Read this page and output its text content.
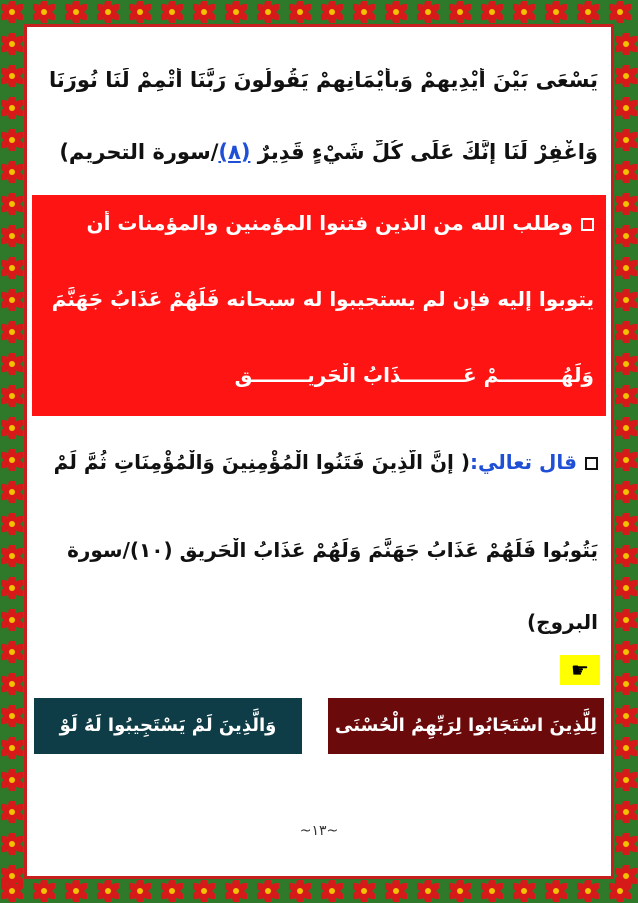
يَسْعَى بَيْنَ أَيْدِيهِمْ وَبِأَيْمَانِهِمْ يَقُولُونَ رَبَّنَا أَتْمِمْ لَنَا نُورَنَا
وَاغْفِرْ لَنَا إِنَّكَ عَلَى كُلِّ شَيْءٍ قَدِيرٌ (٨)/سورة التحريم)
وطلب الله من الذين فتنوا المؤمنين والمؤمنات أن
يتوبوا إليه فإن لم يستجيبوا له سبحانه فَلَهُمْ عَذَابُ جَهَنَّمَ
وَلَهُـــــــــمْ عَـــــــــذَابُ الْحَرِيــــــــقِ
قال تعالي:( إِنَّ الَّذِينَ فَتَنُوا الْمُؤْمِنِينَ وَالْمُؤْمِنَاتِ ثُمَّ لَمْ
يَتُوبُوا فَلَهُمْ عَذَابُ جَهَنَّمَ وَلَهُمْ عَذَابُ الْحَرِيقِ (١٠)/سورة
البروج)
☛
لِلَّذِينَ اسْتَجَابُوا لِرَبِّهِمُ الْحُسْنَى
وَالَّذِينَ لَمْ يَسْتَجِيبُوا لَهُ لَوْ
~١٣~
